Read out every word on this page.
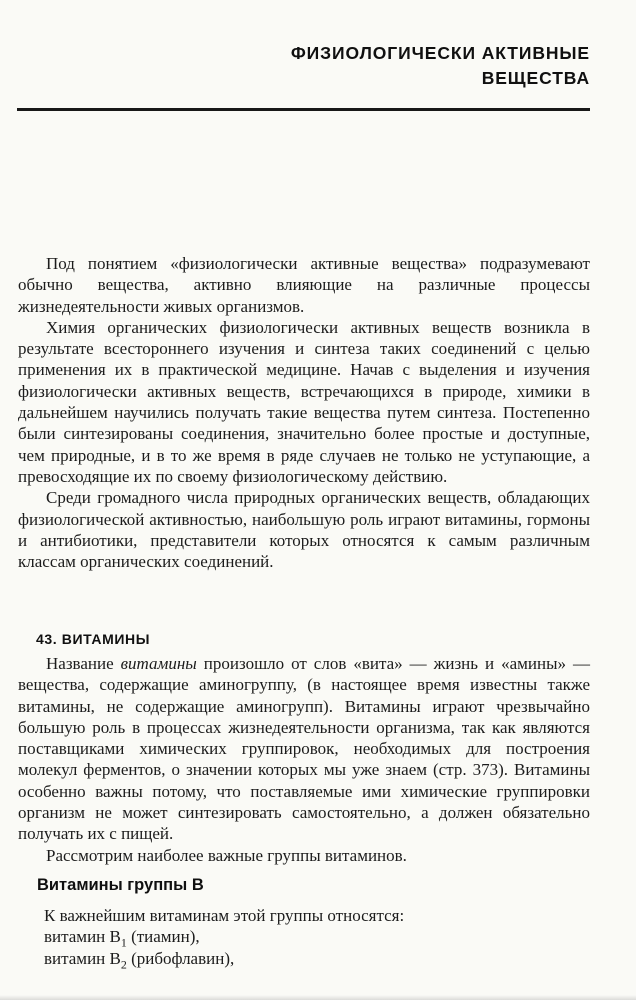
ФИЗИОЛОГИЧЕСКИ АКТИВНЫЕ
ВЕЩЕСТВА

Под понятием «физиологически активные вещества» подразумевают обычно вещества, активно влияющие на различные процессы жизнедеятельности живых организмов.

Химия органических физиологически активных веществ возникла в результате всестороннего изучения и синтеза таких соединений с целью применения их в практической медицине. Начав с выделения и изучения физиологически активных веществ, встречающихся в природе, химики в дальнейшем научились получать такие вещества путем синтеза. Постепенно были синтезированы соединения, значительно более простые и доступные, чем природные, и в то же время в ряде случаев не только не уступающие, а превосходящие их по своему физиологическому действию.

Среди громадного числа природных органических веществ, обладающих физиологической активностью, наибольшую роль играют витамины, гормоны и антибиотики, представители которых относятся к самым различным классам органических соединений.

43. ВИТАМИНЫ

Название витамины произошло от слов «вита» — жизнь и «амины» — вещества, содержащие аминогруппу, (в настоящее время известны также витамины, не содержащие аминогрупп). Витамины играют чрезвычайно большую роль в процессах жизнедеятельности организма, так как являются поставщиками химических группировок, необходимых для построения молекул ферментов, о значении которых мы уже знаем (стр. 373). Витамины особенно важны потому, что поставляемые ими химические группировки организм не может синтезировать самостоятельно, а должен обязательно получать их с пищей.

Рассмотрим наиболее важные группы витаминов.

Витамины группы B

К важнейшим витаминам этой группы относятся:

витамин $B_1$ (тиамин),

витамин $B_2$ (рибофлавин),
